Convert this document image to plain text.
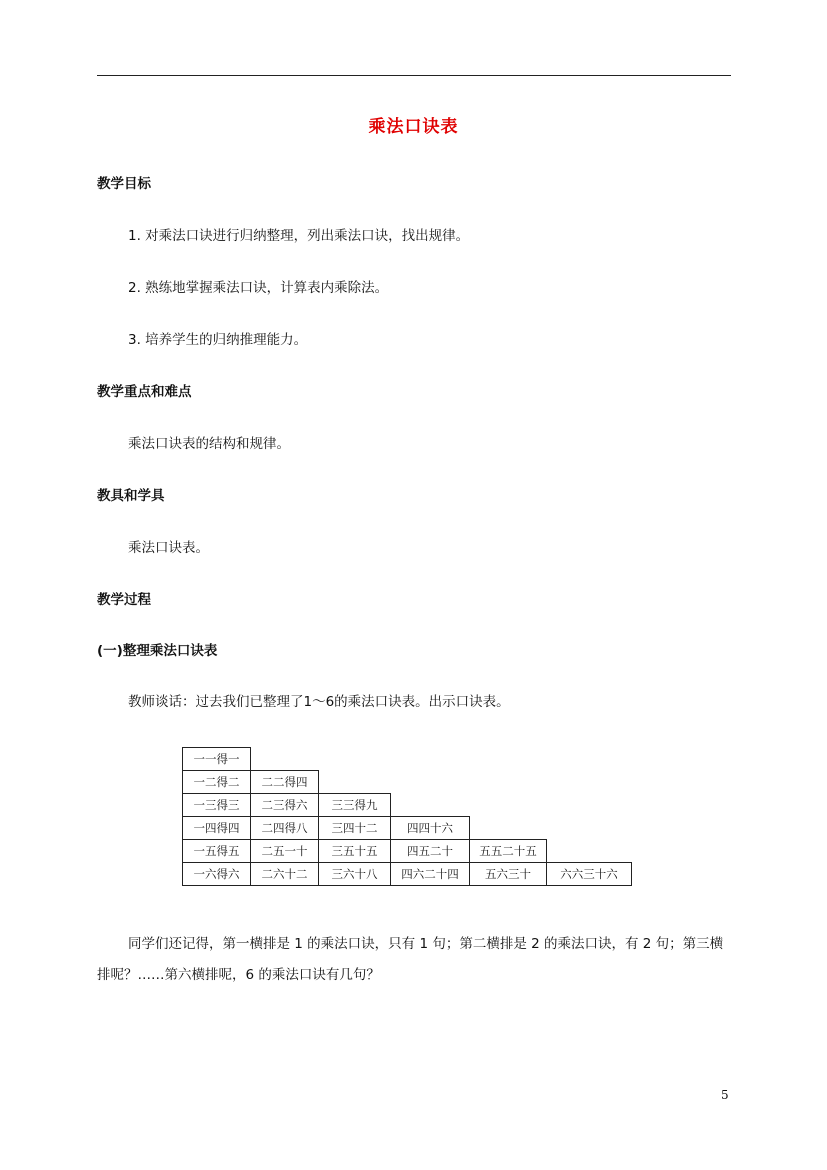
乘法口诀表
教学目标
1. 对乘法口诀进行归纳整理，列出乘法口诀，找出规律。
2. 熟练地掌握乘法口诀，计算表内乘除法。
3. 培养学生的归纳推理能力。
教学重点和难点
乘法口诀表的结构和规律。
教具和学具
乘法口诀表。
教学过程
(一)整理乘法口诀表
教师谈话：过去我们已整理了1～6的乘法口诀表。出示口诀表。
一一得一					
一二得二	二二得四				
一三得三	二三得六	三三得九			
一四得四	二四得八	三四十二	四四十六		
一五得五	二五一十	三五十五	四五二十	五五二十五	
一六得六	二六十二	三六十八	四六二十四	五六三十	六六三十六
同学们还记得，第一横排是 1 的乘法口诀，只有 1 句；第二横排是 2 的乘法口诀，有 2 句；第三横排呢？……第六横排呢，6 的乘法口诀有几句？
5
